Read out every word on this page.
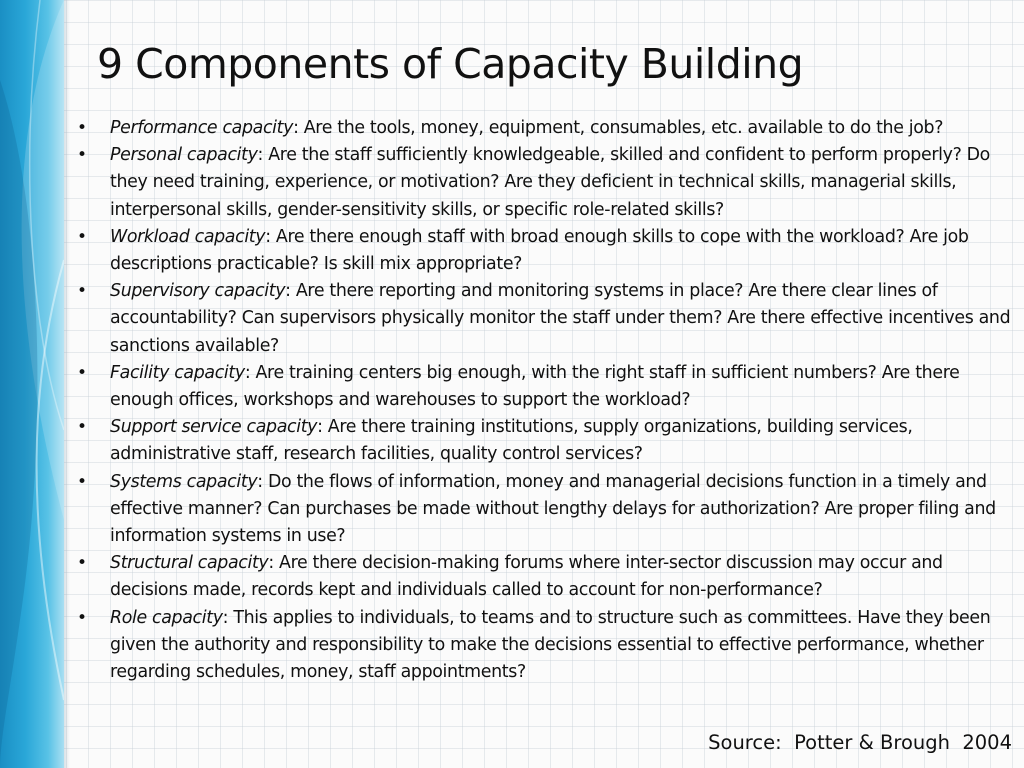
9 Components of Capacity Building
• Performance capacity: Are the tools, money, equipment, consumables, etc. available to do the job?
• Personal capacity: Are the staff sufficiently knowledgeable, skilled and confident to perform properly? Do they need training, experience, or motivation? Are they deficient in technical skills, managerial skills, interpersonal skills, gender-sensitivity skills, or specific role-related skills?
• Workload capacity: Are there enough staff with broad enough skills to cope with the workload? Are job descriptions practicable? Is skill mix appropriate?
• Supervisory capacity: Are there reporting and monitoring systems in place? Are there clear lines of accountability? Can supervisors physically monitor the staff under them? Are there effective incentives and sanctions available?
• Facility capacity: Are training centers big enough, with the right staff in sufficient numbers? Are there enough offices, workshops and warehouses to support the workload?
• Support service capacity: Are there training institutions, supply organizations, building services, administrative staff, research facilities, quality control services?
• Systems capacity: Do the flows of information, money and managerial decisions function in a timely and effective manner? Can purchases be made without lengthy delays for authorization? Are proper filing and information systems in use?
• Structural capacity: Are there decision-making forums where inter-sector discussion may occur and decisions made, records kept and individuals called to account for non-performance?
• Role capacity: This applies to individuals, to teams and to structure such as committees. Have they been given the authority and responsibility to make the decisions essential to effective performance, whether regarding schedules, money, staff appointments?
Source:  Potter & Brough  2004
